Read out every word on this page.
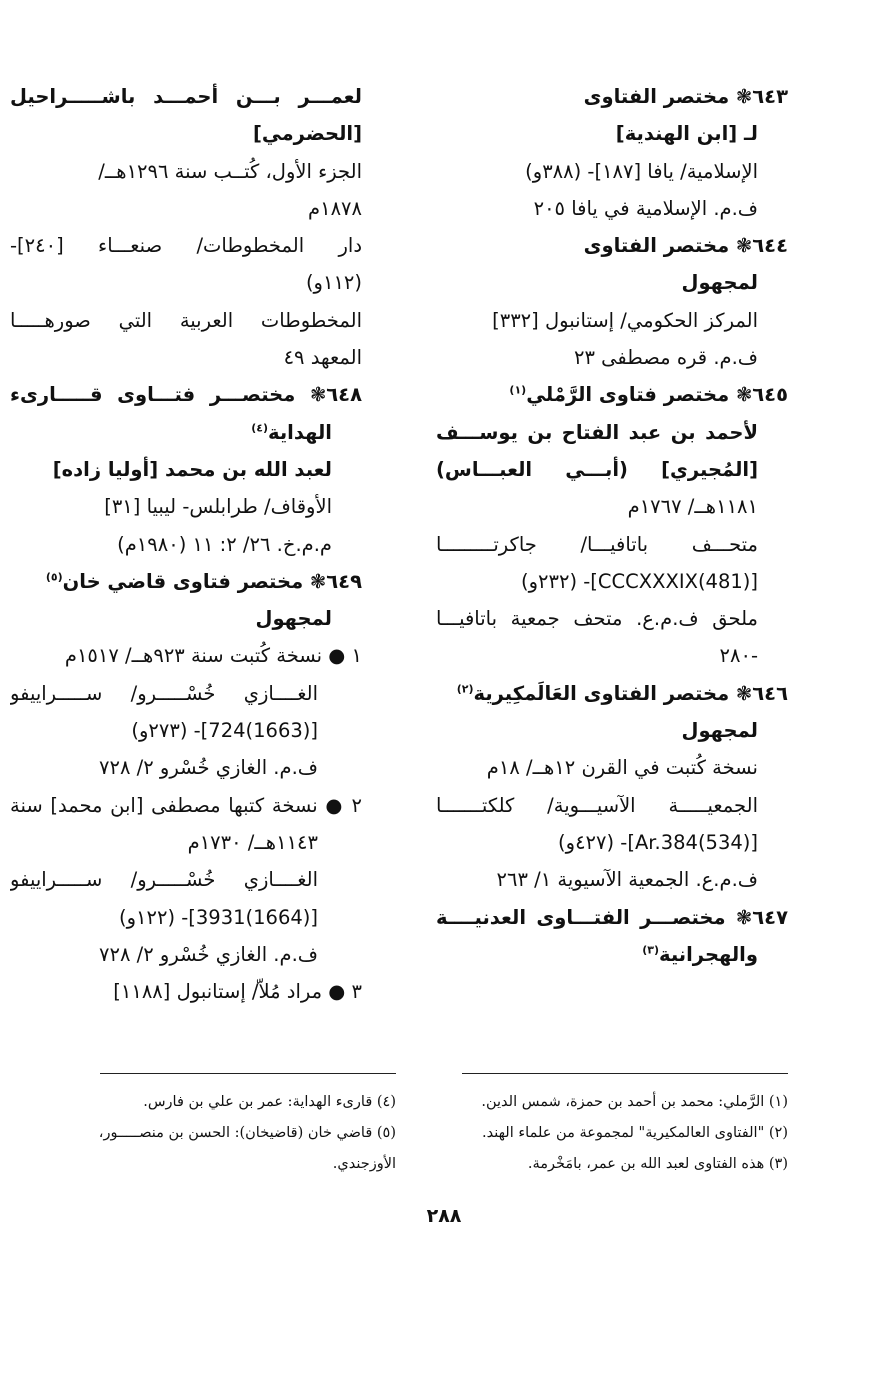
٦٤٣❃ مختصر الفتاوى
لـ [ابن الهندية]
الإسلامية/ يافا [١٨٧]- (٣٨٨و)
ف.م. الإسلامية في يافا ٢٠٥
٦٤٤❃ مختصر الفتاوى
لمجهول
المركز الحكومي/ إستانبول [٣٣٢]
ف.م. قره مصطفى ٢٣
٦٤٥❃ مختصر فتاوى الرَّمْلي$^{(١)}$
لأحمد بن عبد الفتاح بن يوســـف
[المُجيري] (أبـــي العبـــاس)
١١٨١هــ/ ١٧٦٧م
متحـــف باتافيـــا/ جاكرتـــــــــا
[(481)CCCXXXIX]- (٢٣٢و)
ملحق ف.م.ع. متحف جمعية باتافيـــا
-٢٨٠
٦٤٦❃ مختصر الفتاوى العَالَمكِيرية$^{(٢)}$
لمجهول
نسخة كُتبت في القرن ١٢هــ/ ١٨م
الجمعيـــــة الآسيـــوية/ كلكتـــــــا
[(534)Ar.384]- (٤٢٧و)
ف.م.ع. الجمعية الآسيوية ١/ ٢٦٣
٦٤٧❃ مختصـــر الفتـــاوى العدنيــــة
والهجرانية$^{(٣)}$
لعمـــر بـــن أحمـــد باشـــــراحيل
[الحضرمي]
الجزء الأول، كُتــب سنة ١٢٩٦هــ/
١٨٧٨م
دار المخطوطات/ صنعـــاء [٢٤٠]-
(١١٢و)
المخطوطات العربية التي صورهـــــا
المعهد ٤٩
٦٤٨❃ مختصـــر فتـــاوى قـــــارىء
الهداية$^{(٤)}$
لعبد الله بن محمد [أوليا زاده]
الأوقاف/ طرابلس- ليبيا [٣١]
م.م.خ. ٢٦/ ٢: ١١ (١٩٨٠م)
٦٤٩❃ مختصر فتاوى قاضي خان$^{(٥)}$
لمجهول
١ ● نسخة كُتبت سنة ٩٢٣هــ/ ١٥١٧م
الغــــازي خُسْـــــرو/ ســـــراييفو
[(1663)724]- (٢٧٣و)
ف.م. الغازي خُسْرو ٢/ ٧٢٨
٢ ● نسخة كتبها مصطفى [ابن محمد] سنة
١١٤٣هــ/ ١٧٣٠م
الغــــازي خُسْـــــرو/ ســـــراييفو
[(1664)3931]- (١٢٢و)
ف.م. الغازي خُسْرو ٢/ ٧٢٨
٣ ● مراد مُلاّ/ إستانبول [١١٨٨]
(١) الرَّملي: محمد بن أحمد بن حمزة، شمس الدين.
(٢) "الفتاوى العالمكيرية" لمجموعة من علماء الهند.
(٣) هذه الفتاوى لعبد الله بن عمر، بامَخْرمة.
(٤) قارىء الهداية: عمر بن علي بن فارس.
(٥) قاضي خان (قاضيخان): الحسن بن منصـــــور،
الأوزجندي.
٢٨٨
